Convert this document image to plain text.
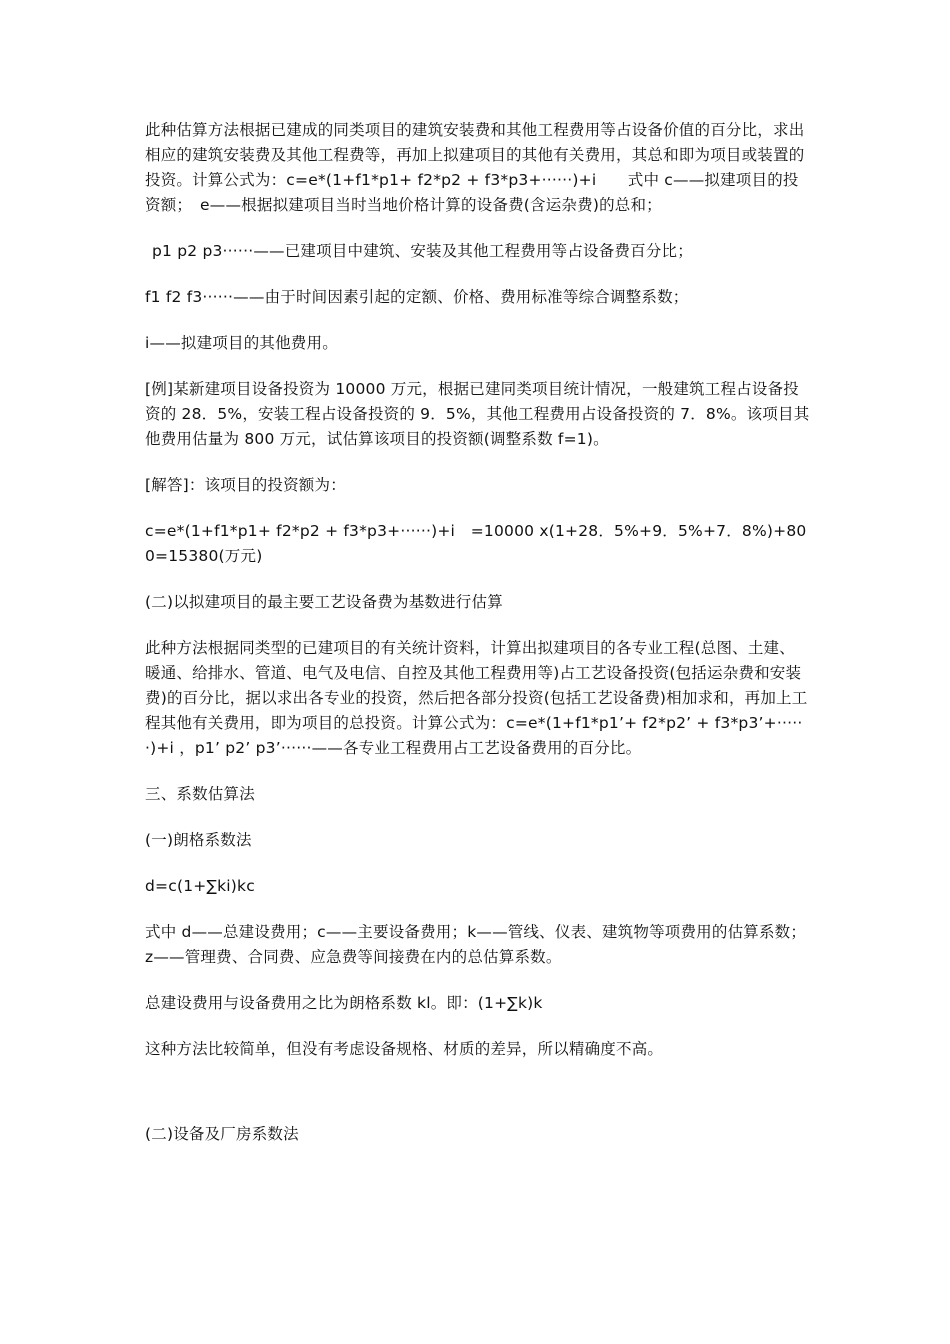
此种估算方法根据已建成的同类项目的建筑安装费和其他工程费用等占设备价值的百分比，求出相应的建筑安装费及其他工程费等，再加上拟建项目的其他有关费用，其总和即为项目或装置的投资。计算公式为：c=e*(1+f1*p1+ f2*p2 + f3*p3+······)+i　　式中 c——拟建项目的投资额；　e——根据拟建项目当时当地价格计算的设备费(含运杂费)的总和；

p1 p2 p3······——已建项目中建筑、安装及其他工程费用等占设备费百分比；

f1 f2 f3······——由于时间因素引起的定额、价格、费用标准等综合调整系数；

i——拟建项目的其他费用。

[例]某新建项目设备投资为 10000 万元，根据已建同类项目统计情况，一般建筑工程占设备投资的 28．5%，安装工程占设备投资的 9．5%，其他工程费用占设备投资的 7．8%。该项目其他费用估量为 800 万元，试估算该项目的投资额(调整系数 f=1)。

[解答]：该项目的投资额为：

c=e*(1+f1*p1+ f2*p2 + f3*p3+······)+i　=10000 x(1+28．5%+9．5%+7．8%)+800=15380(万元)

(二)以拟建项目的最主要工艺设备费为基数进行估算

此种方法根据同类型的已建项目的有关统计资料，计算出拟建项目的各专业工程(总图、土建、暖通、给排水、管道、电气及电信、自控及其他工程费用等)占工艺设备投资(包括运杂费和安装费)的百分比，据以求出各专业的投资，然后把各部分投资(包括工艺设备费)相加求和，再加上工程其他有关费用，即为项目的总投资。计算公式为：c=e*(1+f1*p1’+ f2*p2’ + f3*p3’+······)+i ，p1’ p2’ p3’······——各专业工程费用占工艺设备费用的百分比。

三、系数估算法

(一)朗格系数法

d=c(1+∑ki)kc

式中 d——总建设费用；c——主要设备费用；k——管线、仪表、建筑物等项费用的估算系数；z——管理费、合同费、应急费等间接费在内的总估算系数。

总建设费用与设备费用之比为朗格系数 kl。即：(1+∑k)k

这种方法比较简单，但没有考虑设备规格、材质的差异，所以精确度不高。

(二)设备及厂房系数法
